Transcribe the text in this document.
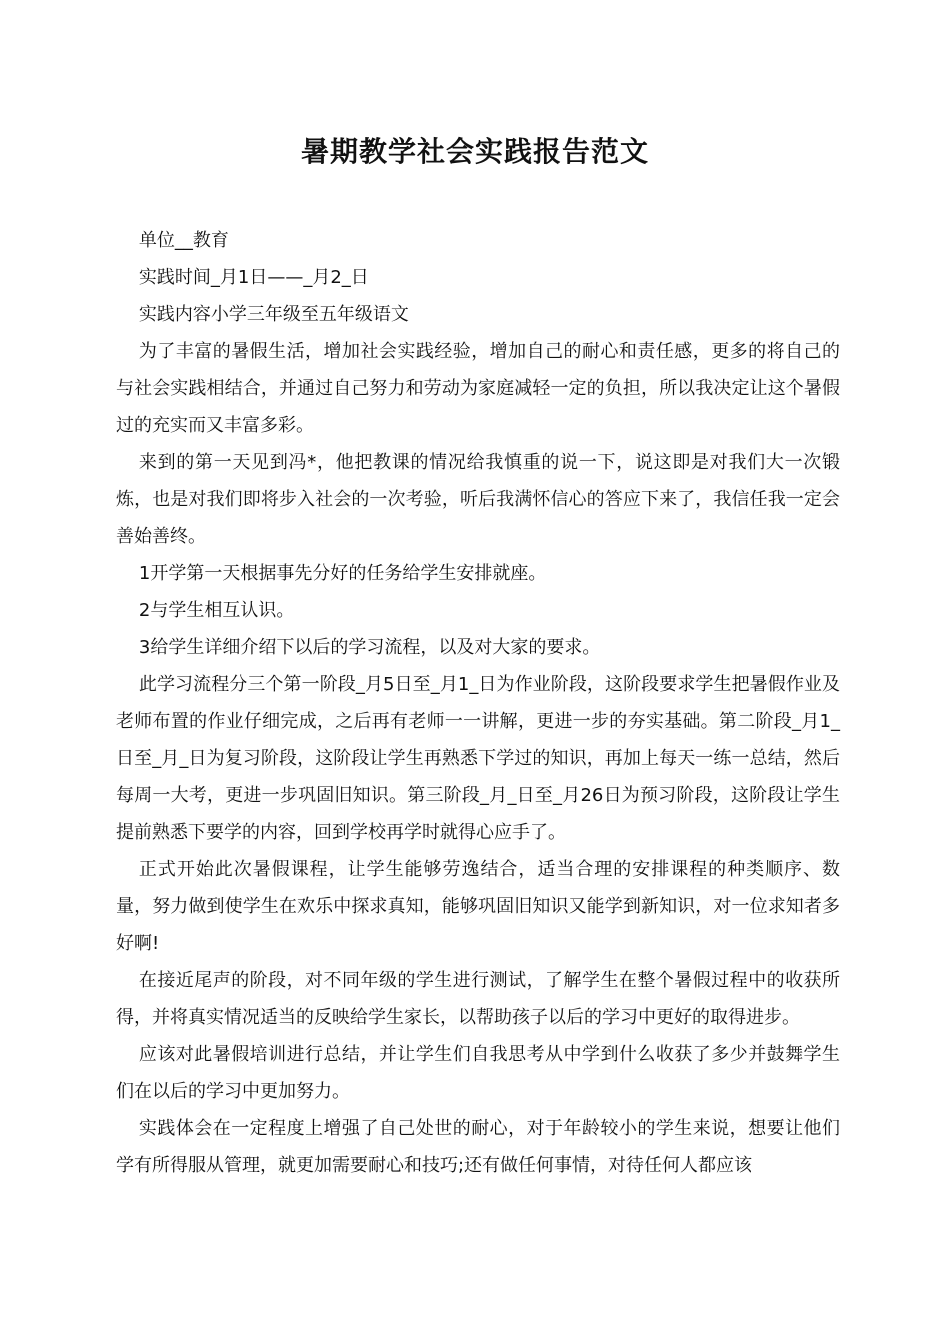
暑期教学社会实践报告范文

单位__教育

实践时间_月1日——_月2_日

实践内容小学三年级至五年级语文

为了丰富的暑假生活，增加社会实践经验，增加自己的耐心和责任感，更多的将自己的与社会实践相结合，并通过自己努力和劳动为家庭减轻一定的负担，所以我决定让这个暑假过的充实而又丰富多彩。

来到的第一天见到冯*，他把教课的情况给我慎重的说一下，说这即是对我们大一次锻炼，也是对我们即将步入社会的一次考验，听后我满怀信心的答应下来了，我信任我一定会善始善终。

1开学第一天根据事先分好的任务给学生安排就座。

2与学生相互认识。

3给学生详细介绍下以后的学习流程，以及对大家的要求。

此学习流程分三个第一阶段_月5日至_月1_日为作业阶段，这阶段要求学生把暑假作业及老师布置的作业仔细完成，之后再有老师一一讲解，更进一步的夯实基础。第二阶段_月1_日至_月_日为复习阶段，这阶段让学生再熟悉下学过的知识，再加上每天一练一总结，然后每周一大考，更进一步巩固旧知识。第三阶段_月_日至_月26日为预习阶段，这阶段让学生提前熟悉下要学的内容，回到学校再学时就得心应手了。

正式开始此次暑假课程，让学生能够劳逸结合，适当合理的安排课程的种类顺序、数量，努力做到使学生在欢乐中探求真知，能够巩固旧知识又能学到新知识，对一位求知者多好啊!

在接近尾声的阶段，对不同年级的学生进行测试，了解学生在整个暑假过程中的收获所得，并将真实情况适当的反映给学生家长，以帮助孩子以后的学习中更好的取得进步。

应该对此暑假培训进行总结，并让学生们自我思考从中学到什么收获了多少并鼓舞学生们在以后的学习中更加努力。

实践体会在一定程度上增强了自己处世的耐心，对于年龄较小的学生来说，想要让他们学有所得服从管理，就更加需要耐心和技巧;还有做任何事情，对待任何人都应该
